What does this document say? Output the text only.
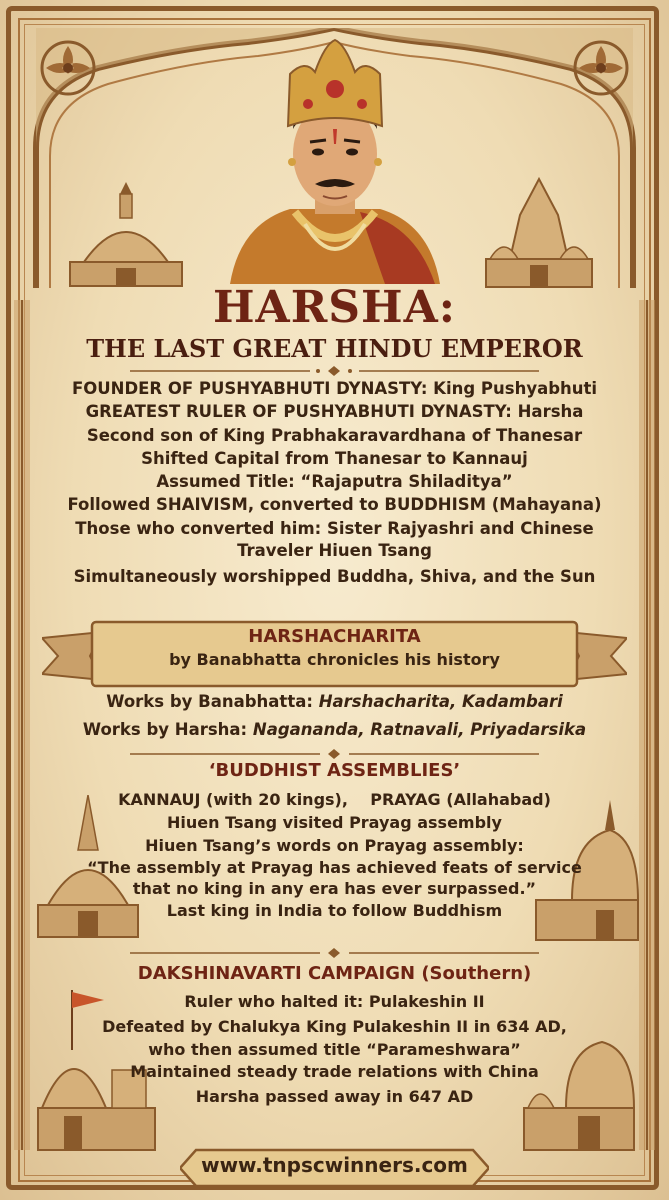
HARSHA:
THE LAST GREAT HINDU EMPEROR
FOUNDER OF PUSHYABHUTI DYNASTY: King Pushyabhuti
GREATEST RULER OF PUSHYABHUTI DYNASTY: Harsha
Second son of King Prabhakaravardhana of Thanesar
Shifted Capital from Thanesar to Kannauj
Assumed Title: “Rajaputra Shiladitya”
Followed SHAIVISM, converted to BUDDHISM (Mahayana)
Those who converted him: Sister Rajyashri and Chinese
Traveler Hiuen Tsang
Simultaneously worshipped Buddha, Shiva, and the Sun
HARSHACHARITA
by Banabhatta chronicles his history
Works by Banabhatta: Harshacharita, Kadambari
Works by Harsha: Nagananda, Ratnavali, Priyadarsika
‘BUDDHIST ASSEMBLIES’
KANNAUJ (with 20 kings),    PRAYAG (Allahabad)
Hiuen Tsang visited Prayag assembly
Hiuen Tsang’s words on Prayag assembly:
“The assembly at Prayag has achieved feats of service
that no king in any era has ever surpassed.”
Last king in India to follow Buddhism
DAKSHINAVARTI CAMPAIGN (Southern)
Ruler who halted it: Pulakeshin II
Defeated by Chalukya King Pulakeshin II in 634 AD,
who then assumed title “Parameshwara”
Maintained steady trade relations with China
Harsha passed away in 647 AD
www.tnpscwinners.com
